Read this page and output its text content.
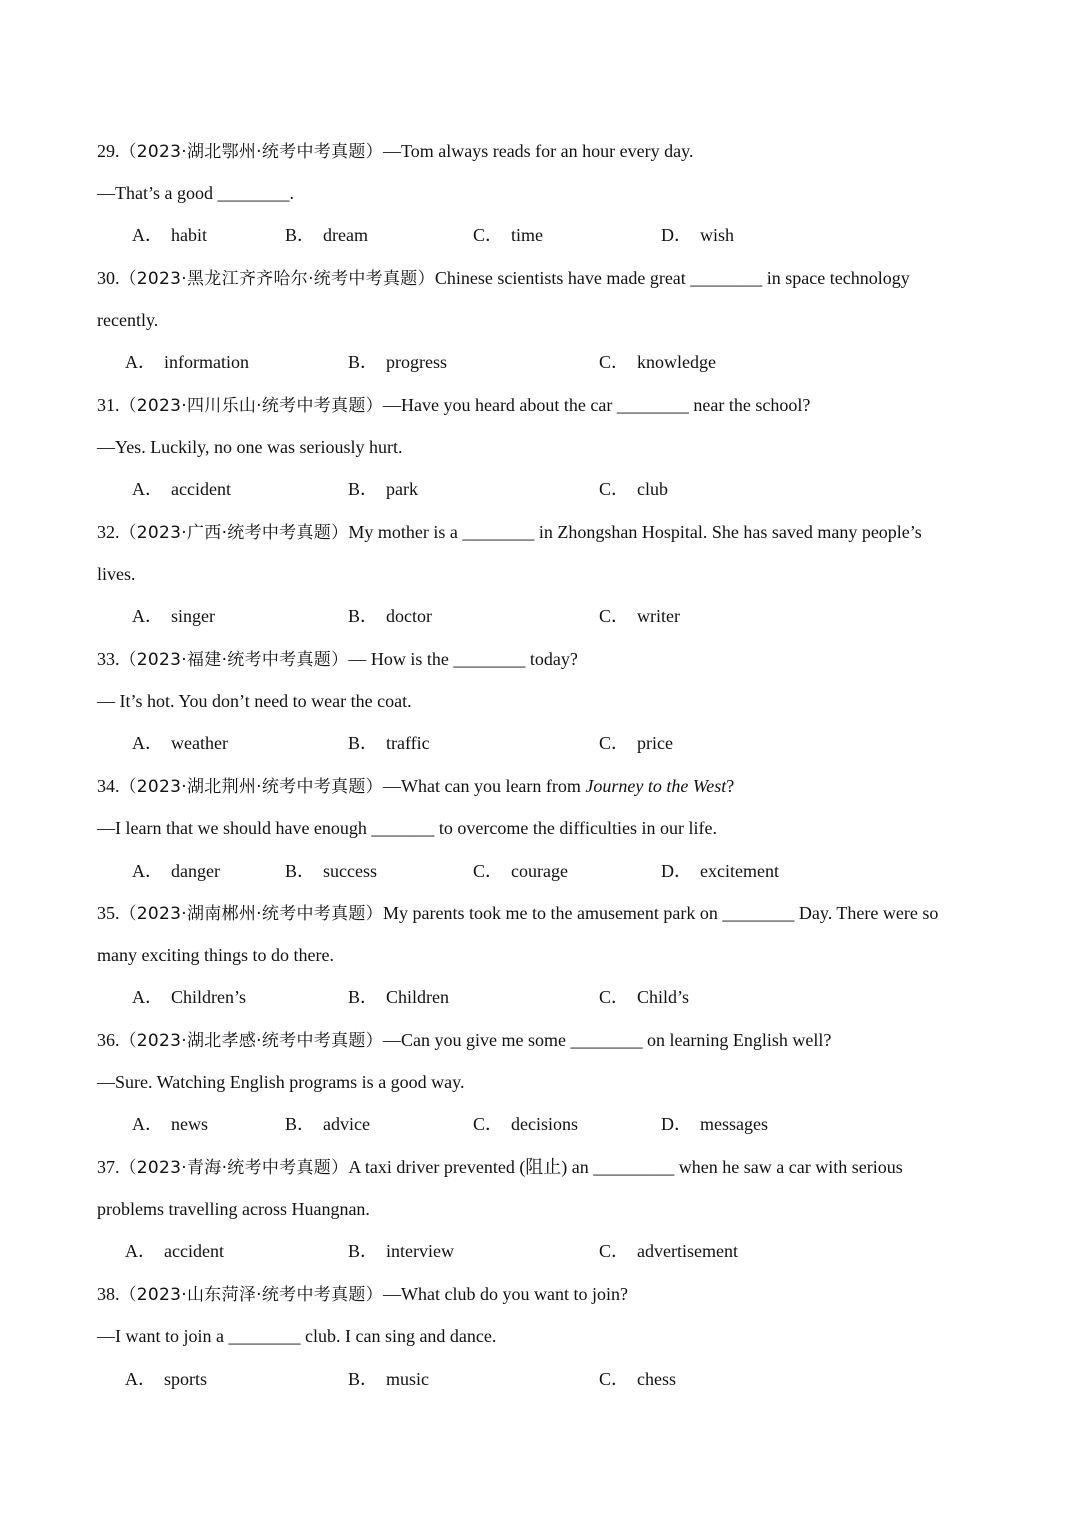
29.（2023·湖北鄂州·统考中考真题）—Tom always reads for an hour every day.
—That’s a good ________.
A． habit	B． dream	C． time	D． wish
30.（2023·黑龙江齐齐哈尔·统考中考真题）Chinese scientists have made great ________ in space technology
recently.
A． information	B． progress	C． knowledge
31.（2023·四川乐山·统考中考真题）—Have you heard about the car ________ near the school?
—Yes. Luckily, no one was seriously hurt.
A． accident	B． park	C． club
32.（2023·广西·统考中考真题）My mother is a ________ in Zhongshan Hospital. She has saved many people’s
lives.
A． singer	B． doctor	C． writer
33.（2023·福建·统考中考真题）— How is the ________ today?
— It’s hot. You don’t need to wear the coat.
A． weather	B． traffic	C． price
34.（2023·湖北荆州·统考中考真题）—What can you learn from Journey to the West?
—I learn that we should have enough _______ to overcome the difficulties in our life.
A． danger	B． success	C． courage	D． excitement
35.（2023·湖南郴州·统考中考真题）My parents took me to the amusement park on ________ Day. There were so
many exciting things to do there.
A． Children’s	B． Children	C． Child’s
36.（2023·湖北孝感·统考中考真题）—Can you give me some ________ on learning English well?
―Sure. Watching English programs is a good way.
A． news	B． advice	C． decisions	D． messages
37.（2023·青海·统考中考真题）A taxi driver prevented (阻止) an _________ when he saw a car with serious
problems travelling across Huangnan.
A． accident	B． interview	C． advertisement
38.（2023·山东菏泽·统考中考真题）—What club do you want to join?
—I want to join a ________ club. I can sing and dance.
A． sports	B． music	C． chess
